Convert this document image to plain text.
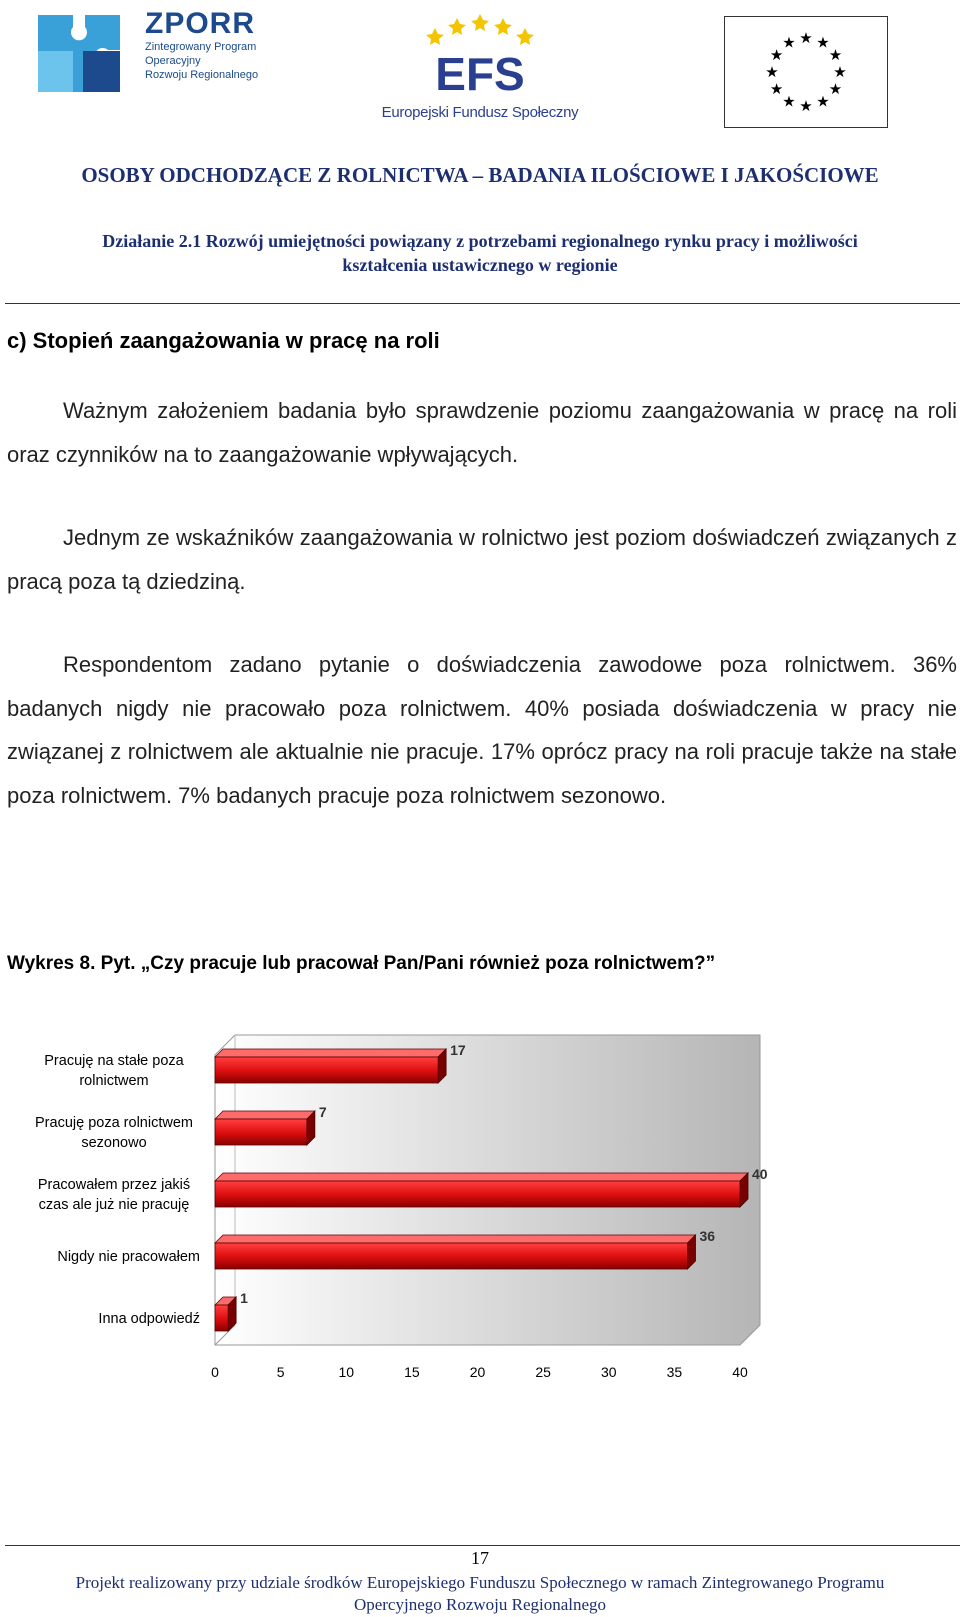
ZPORR
Zintegrowany Program
Operacyjny
Rozwoju Regionalnego	EFS
Europejski Fundusz Społeczny
★ ★
★
★
★
★
★
★
★
★
★
★
OSOBY ODCHODZĄCE Z ROLNICTWA – BADANIA ILOŚCIOWE I JAKOŚCIOWE
Działanie 2.1 Rozwój umiejętności powiązany z potrzebami regionalnego rynku pracy i możliwości
kształcenia ustawicznego w regionie
c) Stopień zaangażowania w pracę na roli
Ważnym założeniem badania było sprawdzenie poziomu zaangażowania w pracę na roli oraz czynników na to zaangażowanie wpływających.
Jednym ze wskaźników zaangażowania w rolnictwo jest poziom doświadczeń związanych z pracą poza tą dziedziną.
Respondentom zadano pytanie o doświadczenia zawodowe poza rolnictwem. 36% badanych nigdy nie pracowało poza rolnictwem. 40% posiada doświadczenia w pracy nie związanej z rolnictwem ale aktualnie nie pracuje. 17% oprócz pracy na roli pracuje także na stałe poza rolnictwem. 7% badanych pracuje poza rolnictwem sezonowo.
Wykres 8. Pyt. „Czy pracuje lub pracował Pan/Pani również poza rolnictwem?”
17
Pracuję na stałe poza
rolnictwem
7
Pracuję poza rolnictwem
sezonowo
40
Pracowałem przez jakiś
czas ale już nie pracuję
36
Nigdy nie pracowałem
1
Inna odpowiedź
0	5	10	15	20	25	30	35	40
17
Projekt realizowany przy udziale środków Europejskiego Funduszu Społecznego w ramach Zintegrowanego Programu
Opercyjnego Rozwoju Regionalnego
